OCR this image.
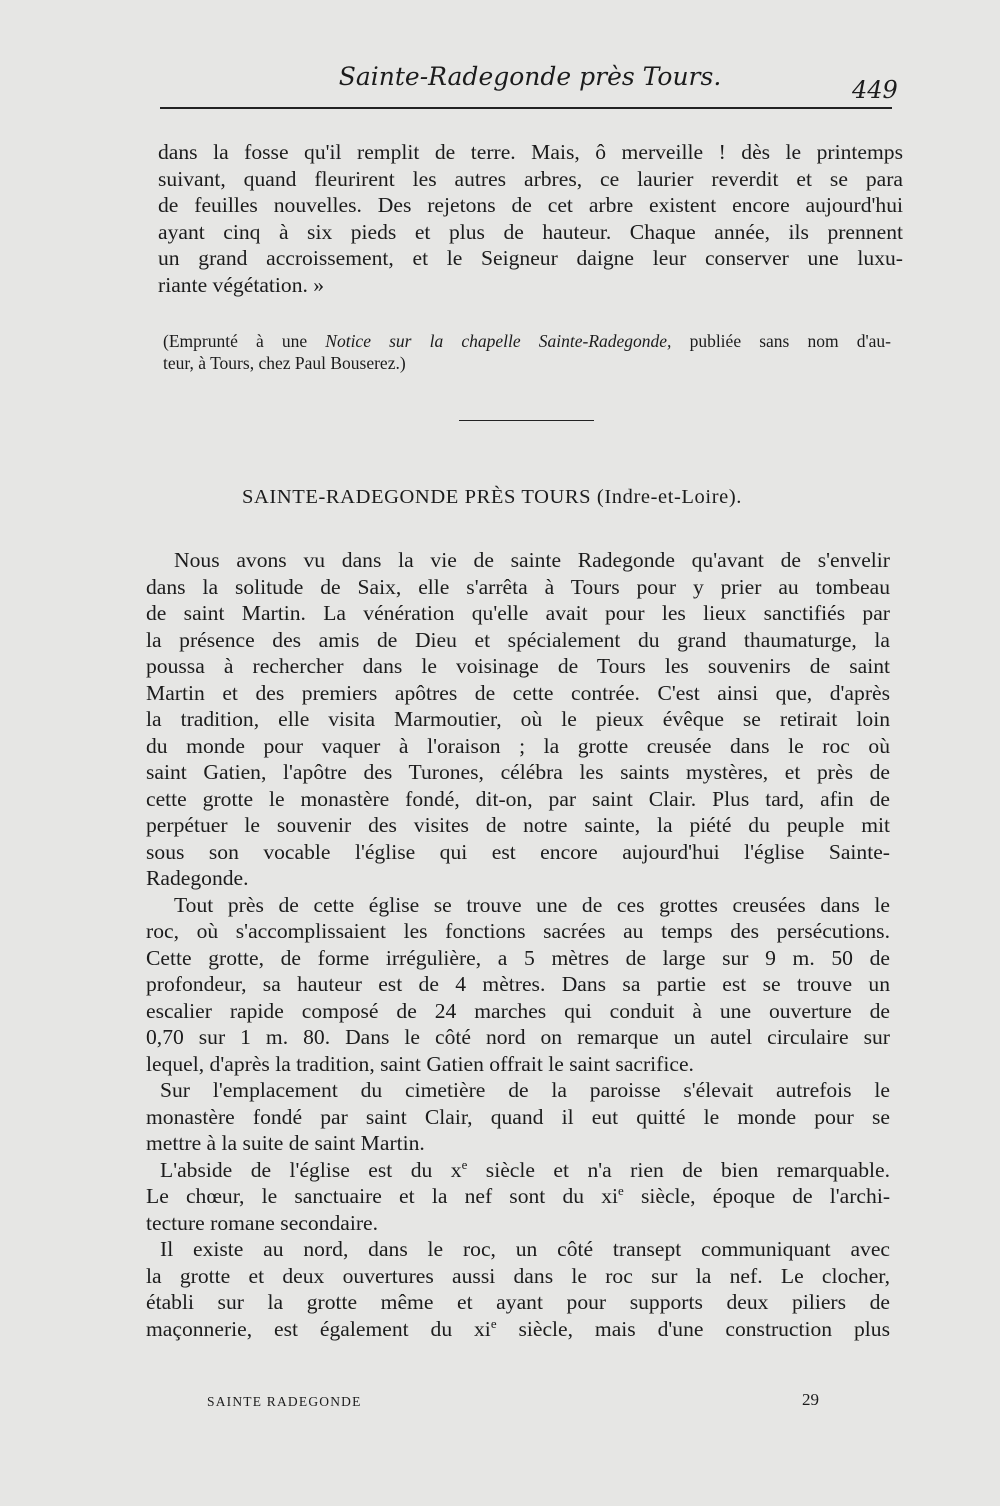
Sainte-Radegonde près Tours.	449
dans la fosse qu'il remplit de terre. Mais, ô merveille ! dès le printemps
suivant, quand fleurirent les autres arbres, ce laurier reverdit et se para
de feuilles nouvelles. Des rejetons de cet arbre existent encore aujourd'hui
ayant cinq à six pieds et plus de hauteur. Chaque année, ils prennent
un grand accroissement, et le Seigneur daigne leur conserver une luxu-
riante végétation. »
(Emprunté à une Notice sur la chapelle Sainte-Radegonde, publiée sans nom d'au-
teur, à Tours, chez Paul Bouserez.)
SAINTE-RADEGONDE PRÈS TOURS (Indre-et-Loire).
Nous avons vu dans la vie de sainte Radegonde qu'avant de s'envelir
dans la solitude de Saix, elle s'arrêta à Tours pour y prier au tombeau
de saint Martin. La vénération qu'elle avait pour les lieux sanctifiés par
la présence des amis de Dieu et spécialement du grand thaumaturge, la
poussa à rechercher dans le voisinage de Tours les souvenirs de saint
Martin et des premiers apôtres de cette contrée. C'est ainsi que, d'après
la tradition, elle visita Marmoutier, où le pieux évêque se retirait loin
du monde pour vaquer à l'oraison ; la grotte creusée dans le roc où
saint Gatien, l'apôtre des Turones, célébra les saints mystères, et près de
cette grotte le monastère fondé, dit-on, par saint Clair. Plus tard, afin de
perpétuer le souvenir des visites de notre sainte, la piété du peuple mit
sous son vocable l'église qui est encore aujourd'hui l'église Sainte-
Radegonde.
Tout près de cette église se trouve une de ces grottes creusées dans le
roc, où s'accomplissaient les fonctions sacrées au temps des persécutions.
Cette grotte, de forme irrégulière, a 5 mètres de large sur 9 m. 50 de
profondeur, sa hauteur est de 4 mètres. Dans sa partie est se trouve un
escalier rapide composé de 24 marches qui conduit à une ouverture de
0,70 sur 1 m. 80. Dans le côté nord on remarque un autel circulaire sur
lequel, d'après la tradition, saint Gatien offrait le saint sacrifice.
Sur l'emplacement du cimetière de la paroisse s'élevait autrefois le
monastère fondé par saint Clair, quand il eut quitté le monde pour se
mettre à la suite de saint Martin.
L'abside de l'église est du $x^e$ siècle et n'a rien de bien remarquable.
Le chœur, le sanctuaire et la nef sont du $xi^e$ siècle, époque de l'archi-
tecture romane secondaire.
Il existe au nord, dans le roc, un côté transept communiquant avec
la grotte et deux ouvertures aussi dans le roc sur la nef. Le clocher,
établi sur la grotte même et ayant pour supports deux piliers de
maçonnerie, est également du $xi^e$ siècle, mais d'une construction plus
SAINTE RADEGONDE	29
